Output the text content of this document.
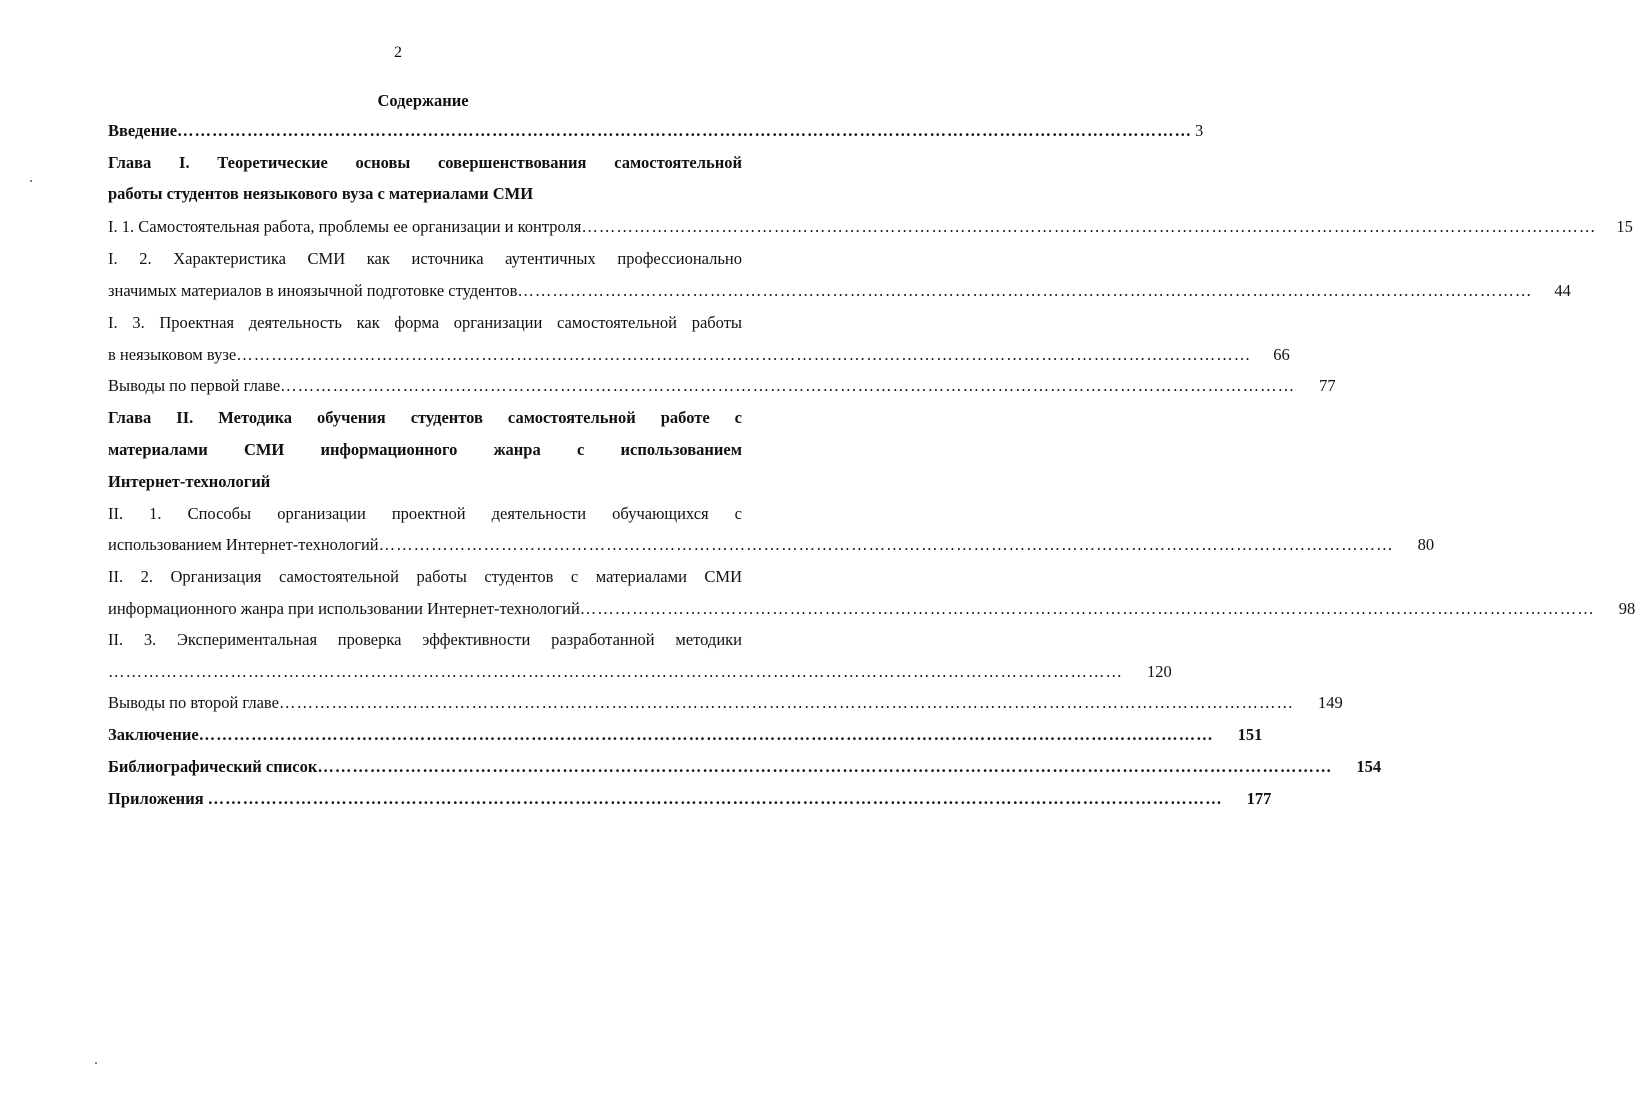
2
Содержание
Введение ………………………………………………………………………………………………………………………………………………………… 3
Глава I. Теоретические основы совершенствования самостоятельной
работы студентов неязыкового вуза с материалами СМИ
I. 1. Самостоятельная работа, проблемы ее организации и контроля ………………………………………………………………………………………………………………………………………………………… 15
I. 2. Характеристика СМИ как источника аутентичных профессионально
значимых материалов в иноязычной подготовке студентов ………………………………………………………………………………………………………………………………………………………… 44
I. 3. Проектная деятельность как форма организации самостоятельной работы
в неязыковом вузе ………………………………………………………………………………………………………………………………………………………… 66
Выводы по первой главе ………………………………………………………………………………………………………………………………………………………… 77
Глава II. Методика обучения студентов самостоятельной работе с
материалами СМИ информационного жанра с использованием
Интернет-технологий
II. 1. Способы организации проектной деятельности обучающихся с
использованием Интернет-технологий ………………………………………………………………………………………………………………………………………………………… 80
II. 2. Организация самостоятельной работы студентов с материалами СМИ
информационного жанра при использовании Интернет-технологий ………………………………………………………………………………………………………………………………………………………… 98
II. 3. Экспериментальная проверка эффективности разработанной методики
………………………………………………………………………………………………………………………………………………………… 120
Выводы по второй главе ………………………………………………………………………………………………………………………………………………………… 149
Заключение ………………………………………………………………………………………………………………………………………………………… 151
Библиографический список ………………………………………………………………………………………………………………………………………………………… 154
Приложения ………………………………………………………………………………………………………………………………………………………… 177
